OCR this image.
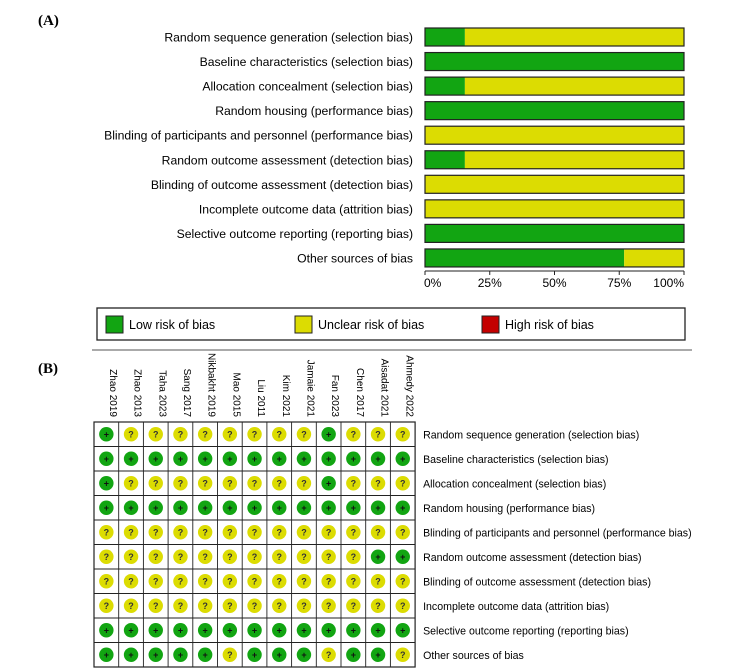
(A)
Random sequence generation (selection bias)
Baseline characteristics (selection bias)
Allocation concealment (selection bias)
Random housing (performance bias)
Blinding of participants and personnel (performance bias)
Random outcome assessment (detection bias)
Blinding of outcome assessment (detection bias)
Incomplete outcome data (attrition bias)
Selective outcome reporting (reporting bias)
Other sources of bias
0%	25%	50%	75% 100%
Low risk of bias	Unclear risk of bias	High risk of bias
(B)
Zhao 2019 Zhao 2013 Taha 2023 Sang 2017 Nikbakht 2019 Mao 2015 Liu 2011 Kim 2021 Jamaie 2021 Fan 2023 Chen 2017 Aisadat 2021 Ahmedy 2022
Random sequence generation (selection bias)
+ ? ? ? ? ? ? ? ? + ? ? ?
Baseline characteristics (selection bias)
+ + + + + + + + + + + + +
Allocation concealment (selection bias)
+ ? ? ? ? ? ? ? ? + ? ? ?
Random housing (performance bias)
+ + + + + + + + + + + + +
Blinding of participants and personnel (performance bias)
? ? ? ? ? ? ? ? ? ? ? ? ?
Random outcome assessment (detection bias)
? ? ? ? ? ? ? ? ? ? ? + +
Blinding of outcome assessment (detection bias)
? ? ? ? ? ? ? ? ? ? ? ? ?
Incomplete outcome data (attrition bias)
? ? ? ? ? ? ? ? ? ? ? ? ?
Selective outcome reporting (reporting bias)
+ + + + + + + + + + + + +
Other sources of bias
+ + + + + ? + + + ? + + ?
